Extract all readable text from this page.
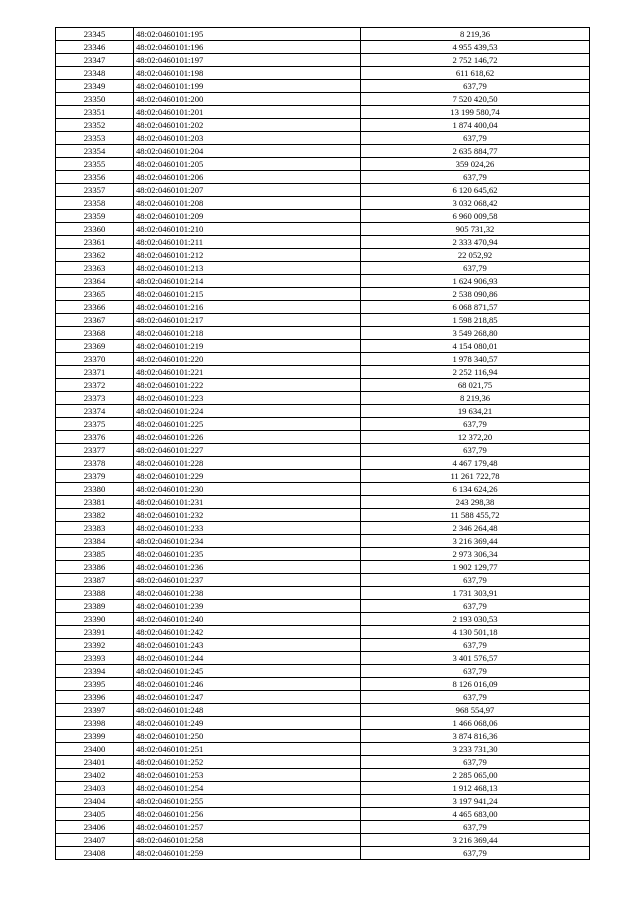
23345	48:02:0460101:195	8 219,36
23346	48:02:0460101:196	4 955 439,53
23347	48:02:0460101:197	2 752 146,72
23348	48:02:0460101:198	611 618,62
23349	48:02:0460101:199	637,79
23350	48:02:0460101:200	7 520 420,50
23351	48:02:0460101:201	13 199 580,74
23352	48:02:0460101:202	1 874 400,04
23353	48:02:0460101:203	637,79
23354	48:02:0460101:204	2 635 884,77
23355	48:02:0460101:205	359 024,26
23356	48:02:0460101:206	637,79
23357	48:02:0460101:207	6 120 645,62
23358	48:02:0460101:208	3 032 068,42
23359	48:02:0460101:209	6 960 009,58
23360	48:02:0460101:210	905 731,32
23361	48:02:0460101:211	2 333 470,94
23362	48:02:0460101:212	22 052,92
23363	48:02:0460101:213	637,79
23364	48:02:0460101:214	1 624 906,93
23365	48:02:0460101:215	2 538 090,86
23366	48:02:0460101:216	6 068 871,57
23367	48:02:0460101:217	1 598 218,85
23368	48:02:0460101:218	3 549 268,80
23369	48:02:0460101:219	4 154 080,01
23370	48:02:0460101:220	1 978 340,57
23371	48:02:0460101:221	2 252 116,94
23372	48:02:0460101:222	68 021,75
23373	48:02:0460101:223	8 219,36
23374	48:02:0460101:224	19 634,21
23375	48:02:0460101:225	637,79
23376	48:02:0460101:226	12 372,20
23377	48:02:0460101:227	637,79
23378	48:02:0460101:228	4 467 179,48
23379	48:02:0460101:229	11 261 722,78
23380	48:02:0460101:230	6 134 624,26
23381	48:02:0460101:231	243 298,38
23382	48:02:0460101:232	11 588 455,72
23383	48:02:0460101:233	2 346 264,48
23384	48:02:0460101:234	3 216 369,44
23385	48:02:0460101:235	2 973 306,34
23386	48:02:0460101:236	1 902 129,77
23387	48:02:0460101:237	637,79
23388	48:02:0460101:238	1 731 303,91
23389	48:02:0460101:239	637,79
23390	48:02:0460101:240	2 193 030,53
23391	48:02:0460101:242	4 130 501,18
23392	48:02:0460101:243	637,79
23393	48:02:0460101:244	3 401 576,57
23394	48:02:0460101:245	637,79
23395	48:02:0460101:246	8 126 016,09
23396	48:02:0460101:247	637,79
23397	48:02:0460101:248	968 554,97
23398	48:02:0460101:249	1 466 068,06
23399	48:02:0460101:250	3 874 816,36
23400	48:02:0460101:251	3 233 731,30
23401	48:02:0460101:252	637,79
23402	48:02:0460101:253	2 285 065,00
23403	48:02:0460101:254	1 912 468,13
23404	48:02:0460101:255	3 197 941,24
23405	48:02:0460101:256	4 465 683,00
23406	48:02:0460101:257	637,79
23407	48:02:0460101:258	3 216 369,44
23408	48:02:0460101:259	637,79
